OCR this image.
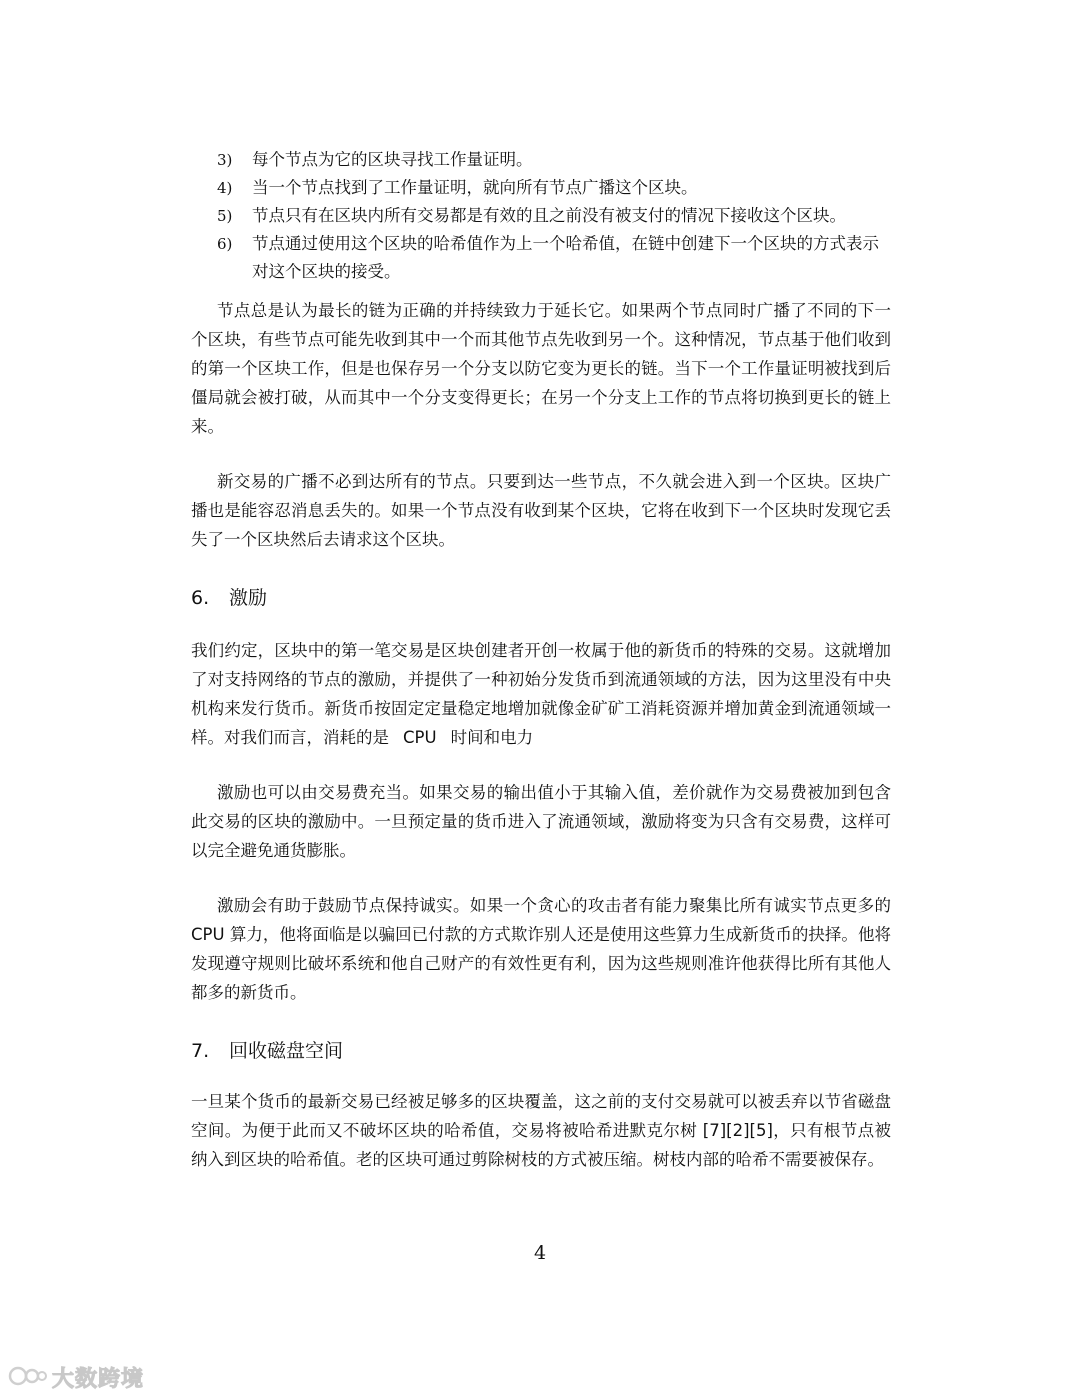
3) 每个节点为它的区块寻找工作量证明。
4) 当一个节点找到了工作量证明，就向所有节点广播这个区块。
5) 节点只有在区块内所有交易都是有效的且之前没有被支付的情况下接收这个区块。
6) 节点通过使用这个区块的哈希值作为上一个哈希值，在链中创建下一个区块的方式表示对这个区块的接受。

节点总是认为最长的链为正确的并持续致力于延长它。如果两个节点同时广播了不同的下一个区块，有些节点可能先收到其中一个而其他节点先收到另一个。这种情况，节点基于他们收到的第一个区块工作，但是也保存另一个分支以防它变为更长的链。当下一个工作量证明被找到后僵局就会被打破，从而其中一个分支变得更长；在另一个分支上工作的节点将切换到更长的链上来。

新交易的广播不必到达所有的节点。只要到达一些节点，不久就会进入到一个区块。区块广播也是能容忍消息丢失的。如果一个节点没有收到某个区块，它将在收到下一个区块时发现它丢失了一个区块然后去请求这个区块。

6. 激励

我们约定，区块中的第一笔交易是区块创建者开创一枚属于他的新货币的特殊的交易。这就增加了对支持网络的节点的激励，并提供了一种初始分发货币到流通领域的方法，因为这里没有中央机构来发行货币。新货币按固定定量稳定地增加就像金矿矿工消耗资源并增加黄金到流通领域一样。对我们而言，消耗的是 CPU 时间和电力

激励也可以由交易费充当。如果交易的输出值小于其输入值，差价就作为交易费被加到包含此交易的区块的激励中。一旦预定量的货币进入了流通领域，激励将变为只含有交易费，这样可以完全避免通货膨胀。

激励会有助于鼓励节点保持诚实。如果一个贪心的攻击者有能力聚集比所有诚实节点更多的 CPU 算力，他将面临是以骗回已付款的方式欺诈别人还是使用这些算力生成新货币的抉择。他将发现遵守规则比破坏系统和他自己财产的有效性更有利，因为这些规则准许他获得比所有其他人都多的新货币。

7. 回收磁盘空间

一旦某个货币的最新交易已经被足够多的区块覆盖，这之前的支付交易就可以被丢弃以节省磁盘空间。为便于此而又不破坏区块的哈希值，交易将被哈希进默克尔树 [7][2][5]，只有根节点被纳入到区块的哈希值。老的区块可通过剪除树枝的方式被压缩。树枝内部的哈希不需要被保存。

4
大数跨境
